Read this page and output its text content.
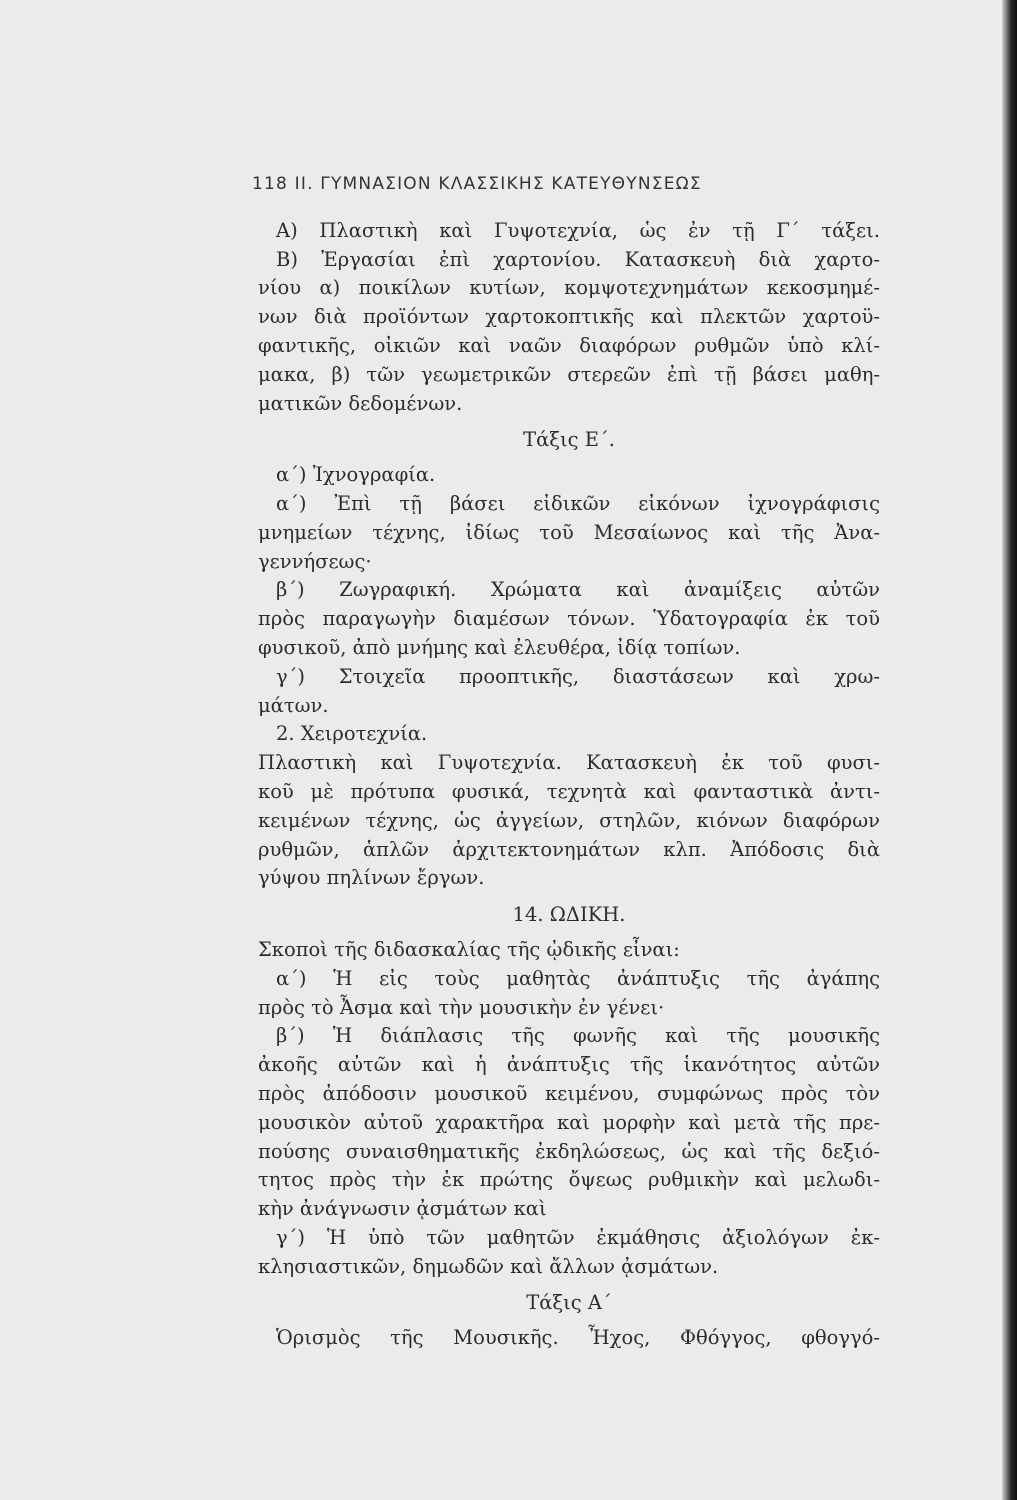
118 II. ΓΥΜΝΑΣΙΟΝ ΚΛΑΣΣΙΚΗΣ ΚΑΤΕΥΘΥΝΣΕΩΣ
Α) Πλαστικὴ καὶ Γυψοτεχνία, ὡς ἐν τῇ Γ΄ τάξει.
Β) Ἐργασίαι ἐπὶ χαρτονίου. Κατασκευὴ διὰ χαρτο-
νίου α) ποικίλων κυτίων, κομψοτεχνημάτων κεκοσμημέ-
νων διὰ προϊόντων χαρτοκοπτικῆς καὶ πλεκτῶν χαρτοϋ-
φαντικῆς, οἰκιῶν καὶ ναῶν διαφόρων ρυθμῶν ὑπὸ κλί-
μακα, β) τῶν γεωμετρικῶν στερεῶν ἐπὶ τῇ βάσει μαθη-
ματικῶν δεδομένων.
Τάξις Ε΄.
α΄) Ἰχνογραφία.
α΄) Ἐπὶ τῇ βάσει εἰδικῶν εἰκόνων ἰχνογράφισις
μνημείων τέχνης, ἰδίως τοῦ Μεσαίωνος καὶ τῆς Ἀνα-
γεννήσεως·
β΄) Ζωγραφική. Χρώματα καὶ ἀναμίξεις αὐτῶν
πρὸς παραγωγὴν διαμέσων τόνων. Ὑδατογραφία ἐκ τοῦ
φυσικοῦ, ἀπὸ μνήμης καὶ ἐλευθέρα, ἰδίᾳ τοπίων.
γ΄) Στοιχεῖα προοπτικῆς, διαστάσεων καὶ χρω-
μάτων.
2. Χειροτεχνία.
Πλαστικὴ καὶ Γυψοτεχνία. Κατασκευὴ ἐκ τοῦ φυσι-
κοῦ μὲ πρότυπα φυσικά, τεχνητὰ καὶ φανταστικὰ ἀντι-
κειμένων τέχνης, ὡς ἀγγείων, στηλῶν, κιόνων διαφόρων
ρυθμῶν, ἁπλῶν ἀρχιτεκτονημάτων κλπ. Ἀπόδοσις διὰ
γύψου πηλίνων ἔργων.
14. ΩΔΙΚΗ.
Σκοποὶ τῆς διδασκαλίας τῆς ᾠδικῆς εἶναι:
α΄) Ἡ εἰς τοὺς μαθητὰς ἀνάπτυξις τῆς ἀγάπης
πρὸς τὸ Ἆσμα καὶ τὴν μουσικὴν ἐν γένει·
β΄) Ἡ διάπλασις τῆς φωνῆς καὶ τῆς μουσικῆς
ἀκοῆς αὐτῶν καὶ ἡ ἀνάπτυξις τῆς ἱκανότητος αὐτῶν
πρὸς ἀπόδοσιν μουσικοῦ κειμένου, συμφώνως πρὸς τὸν
μουσικὸν αὐτοῦ χαρακτῆρα καὶ μορφὴν καὶ μετὰ τῆς πρε-
πούσης συναισθηματικῆς ἐκδηλώσεως, ὡς καὶ τῆς δεξιό-
τητος πρὸς τὴν ἐκ πρώτης ὄψεως ρυθμικὴν καὶ μελωδι-
κὴν ἀνάγνωσιν ᾀσμάτων καὶ
γ΄) Ἡ ὑπὸ τῶν μαθητῶν ἐκμάθησις ἀξιολόγων ἐκ-
κλησιαστικῶν, δημωδῶν καὶ ἄλλων ᾀσμάτων.
Τάξις Α΄
Ὁρισμὸς τῆς Μουσικῆς. Ἦχος, Φθόγγος, φθογγό-
